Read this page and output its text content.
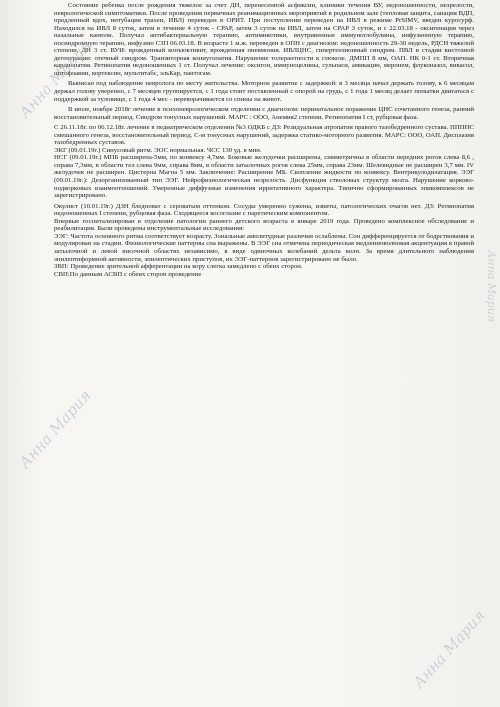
Состояние ребенка после рождения тяжелое за счет ДН, перенесенной асфиксии, клиники течения ВУ, недоношенности, незрелости, неврологической симптоматики. После проведения первичных реанимационных мероприятий в родильном зале (тепловая защита, санация ВДП, продленный вдох, интубация трахеи, ИВЛ) переведен в ОРИТ. При поступлении переведен на ИВЛ в режиме PrSIMV, введен куросурф. Находился на ИВЛ 8 суток, затем в течение 4 суток - СРАР, затем 3 суток на ИВЛ, затем на СРАР 3 суток, и с 22.03.18 - оксигенация через назальные канюли. Получал антибактериальную терапию, антимикотики, внутривенные иммуноглобулины, инфузионную терапию, посиндромную терапию, инфузию СЗП 06.03.18. В возрасте 1 м.ж. переведен в ОПН с диагнозом: недоношенность 29-30 недель, РДСН тяжелой степени, ДН 3 ст. ВУИ: врожденный конъюктивит, врожденная пневмония. ИВЛЦНС, гипертензионный синдром. ПВЛ в стадии кистозной дегенерации: отечный синдром. Транзиторная кониугопатия. Нарушение толерантности к глюкозе. ДМПП 8 мм, ОАП. НК 0-1 ст. Вторичная кардиопатия. Ретинопатия недоношенных 1 ст. Получал лечение: оксигон, иммуноцелины, сульпаси, амикацин, меронем, флуконазол, викасол, цитофлавин, кортексин, мультитабс, эльКар, пантогам.

Выписан под наблюдение невролога по месту жительства. Моторное развитие с задержкой: в 3 месяца начал держать голову, к 6 месяцам держал голову уверенно, с 7 месяцев группируется, с 1 года стоит поставленный с опорой на грудь, с 1 года 1 месяц делает попытки двигаться с поддержкой за туловище, с 1 года 4 мес - переворачивается со спины на живот.

В июле, ноябре 2018г лечение в психоневрологическом отделении с диагнозом: перинатальное поражение ЦНС сочетанного генеза, ранний восстановительный период. Синдром тонусных нарушений. МАРС : ООО, Анемия2 степени. Ретинопатия I ст, рубцовая фаза.

С 26.11.18г. по 06.12.18г. лечение в педиатрическом отделении №3 ОДКБ с ДЗ: Резидуальная атропатия правого тазобедренного сустава. ПППНС смешанного генеза, восстановительный период. С-м тонусных нарушений, задержка статико-моторного развития. МАРС: ООО, ОАП. Дисплазия тазобедренных суставов.

ЭКГ (09.01.19г.) Синусовый ритм. ЭОС нормальная. ЧСС 130 уд. в мин.

НСГ (09.01.19г.) МПБ расширена-5мм, по конвексу 4,7мм. Боковые желудочки расширены, симметричны в области передних рогов слева 8,6 , справа 7,3мм, в области тел слева 9мм, справа 8мм, в области затылочных рогов слева 25мм, справа 23мм. Шелевидные не расширен 3,7 мм. IV желудочек не расширен. Цистерна Магна 5 мм. Заключение: Расширение МБ. Скопление жидкости по конвексу. Вентрикулодилатация. ЭЭГ (09.01.19г.): Дезорганизованный тип ЭЭГ. Нейрофизиологическая незрелость. Дисфункция стволовых структур мозга. Нарушение корково-подкорковых взаимоотношений. Умеренные диффузные изменения ирритативного характера. Типично сформированных эпикомплексов не зарегистрировано.

Окулист (10.01.19г.) ДЗН бледноват с сероватым оттенком. Сосуды умеренно сужены, извиты, патологических очагов нет. ДЗ: Ретинопатия недоношенных I степени, рубцовая фаза. Сходящееся косоглазие с паретическим компонентом.

Впервые госпитализирован в отделение патологии раннего детского возраста в январе 2019 года. Проведено комплексное обследование и реабилитация. Были проведены инструментальные исследования:

ЭЭГ: Частота основного ритма соответствует возрасту. Зональные амплитудные различия ослаблены. Сон дифференцируется от бодрствования и модулирован на стадии. Физиологические паттерны сна выражены. В ЭЭГ сна отмечена периодическая медленноволновая акцентуация в правой затылочной и левой височной областях независимо, в виде одиночных колебаний дельта волн. За время длительного наблюдения эпилептиформной активности, эпилептических приступов, их ЭЭГ-паттернов зарегистрировано не было.

ЗВП: Проведение зрительной афферентации на кору слегка замедлено с обеих сторон.

СВП:По данным АСВП с обеих сторон проведение

Анна Мария
Анна Мария
Анна Мария
Анна Мария
